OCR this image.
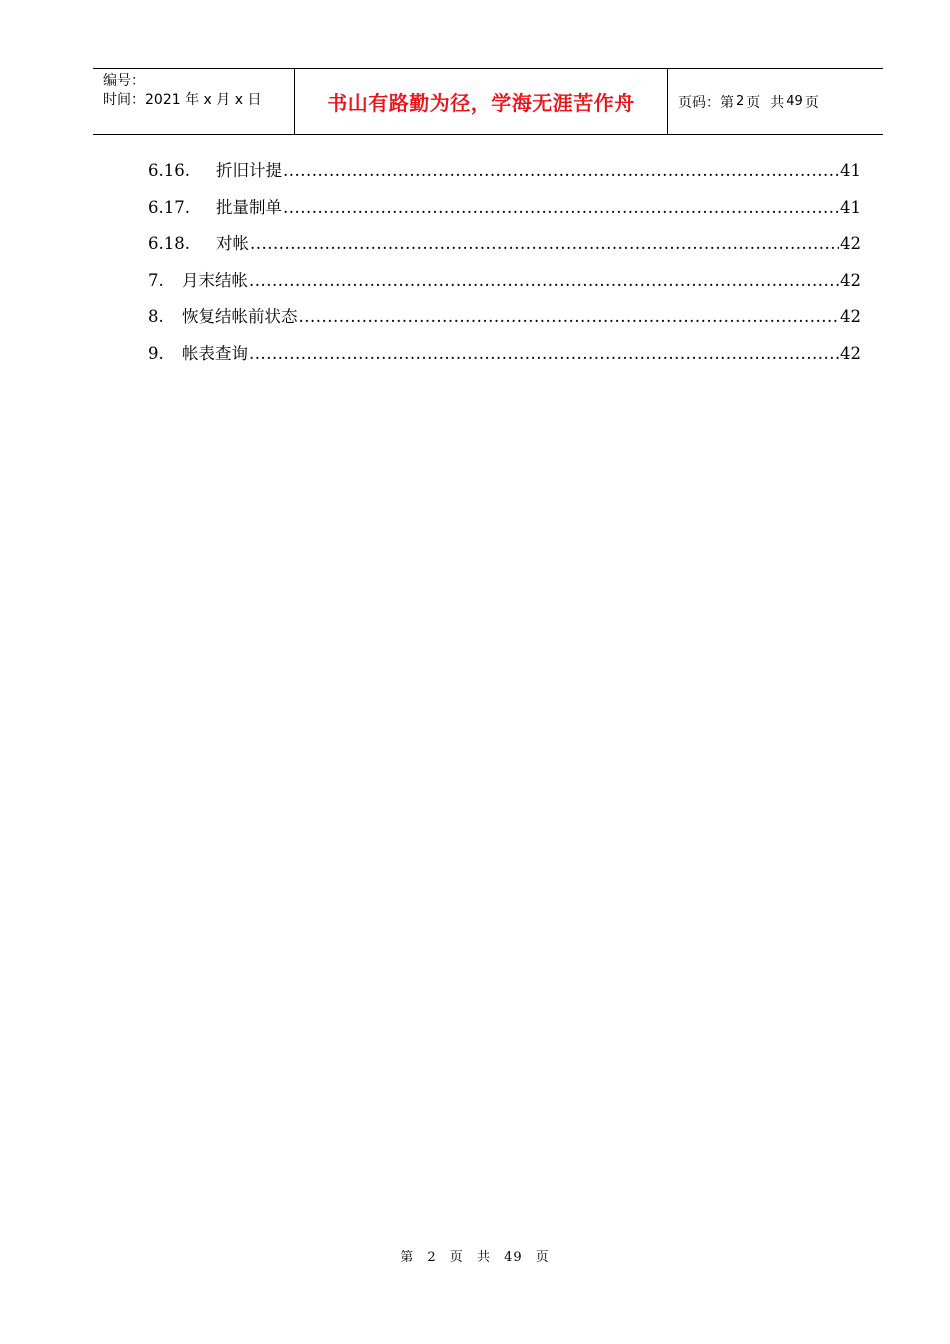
编号：
时间：2021 年 x 月 x 日	书山有路勤为径，学海无涯苦作舟	页码：第 2 页 共 49 页
6.16.	折旧计提 .....	41
6.17.	批量制单 .....	41
6.18.	对帐 .....	42
7.	月末结帐 .....	42
8.	恢复结帐前状态 .....	42
9.	帐表查询 .....	42
第 2 页 共 49 页
